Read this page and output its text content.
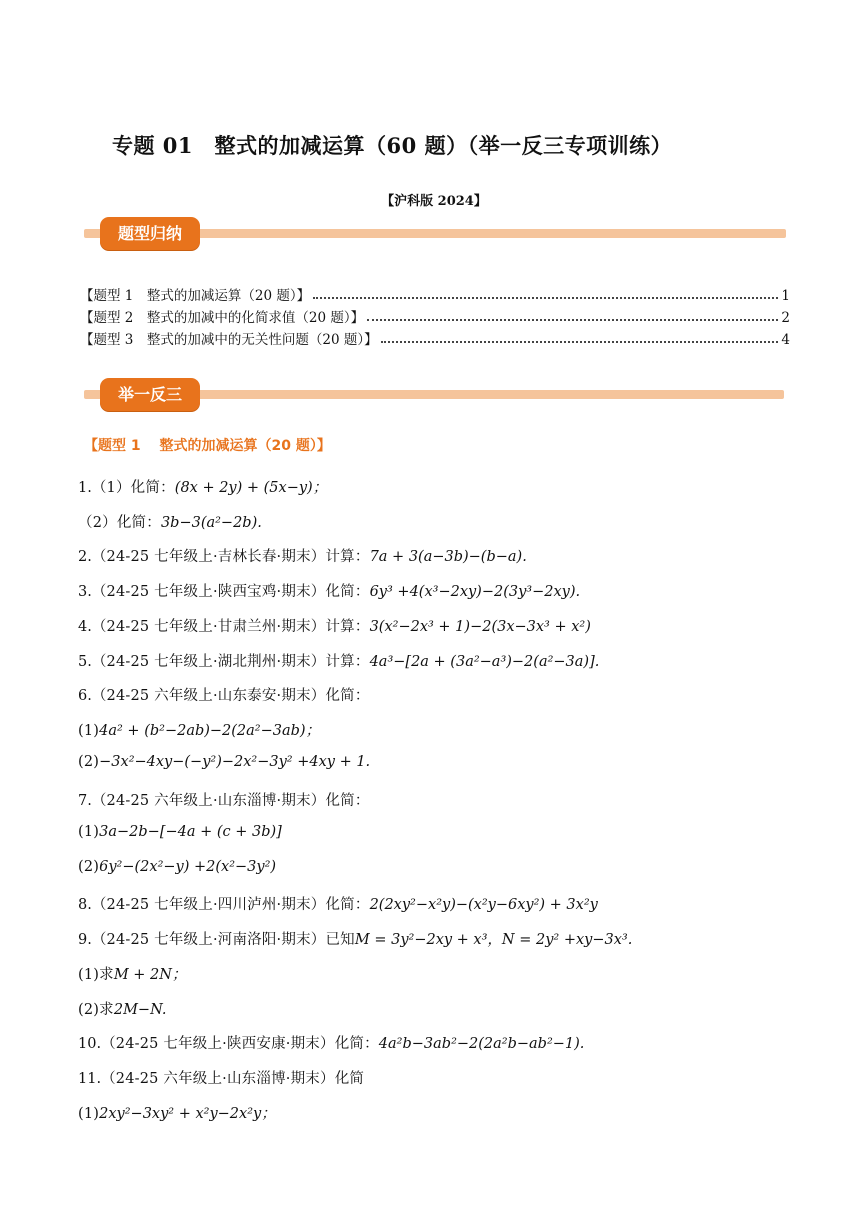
专题 01　整式的加减运算（60 题）（举一反三专项训练）
【沪科版 2024】
题型归纳
【题型 1　整式的加减运算（20 题）】	1
【题型 2　整式的加减中的化简求值（20 题）】	2
【题型 3　整式的加减中的无关性问题（20 题）】	4
举一反三
【题型 1　 整式的加减运算（20 题）】
1.（1）化简：(8x + 2y) + (5x−y)；
（2）化简：3b−3(a²−2b).
2.（24-25 七年级上·吉林长春·期末）计算：7a + 3(a−3b)−(b−a).
3.（24-25 七年级上·陕西宝鸡·期末）化简：6y³ +4(x³−2xy)−2(3y³−2xy).
4.（24-25 七年级上·甘肃兰州·期末）计算：3(x²−2x³ + 1)−2(3x−3x³ + x²)
5.（24-25 七年级上·湖北荆州·期末）计算：4a³−[2a + (3a²−a³)−2(a²−3a)].
6.（24-25 六年级上·山东泰安·期末）化简：
(1)4a² + (b²−2ab)−2(2a²−3ab)；
(2)−3x²−4xy−(−y²)−2x²−3y² +4xy + 1.
7.（24-25 六年级上·山东淄博·期末）化简：
(1)3a−2b−[−4a + (c + 3b)]
(2)6y²−(2x²−y) +2(x²−3y²)
8.（24-25 七年级上·四川泸州·期末）化简：2(2xy²−x²y)−(x²y−6xy²) + 3x²y
9.（24-25 七年级上·河南洛阳·期末）已知M = 3y²−2xy + x³，N = 2y² +xy−3x³.
(1)求M + 2N；
(2)求2M−N.
10.（24-25 七年级上·陕西安康·期末）化简：4a²b−3ab²−2(2a²b−ab²−1).
11.（24-25 六年级上·山东淄博·期末）化简
(1)2xy²−3xy² + x²y−2x²y；
